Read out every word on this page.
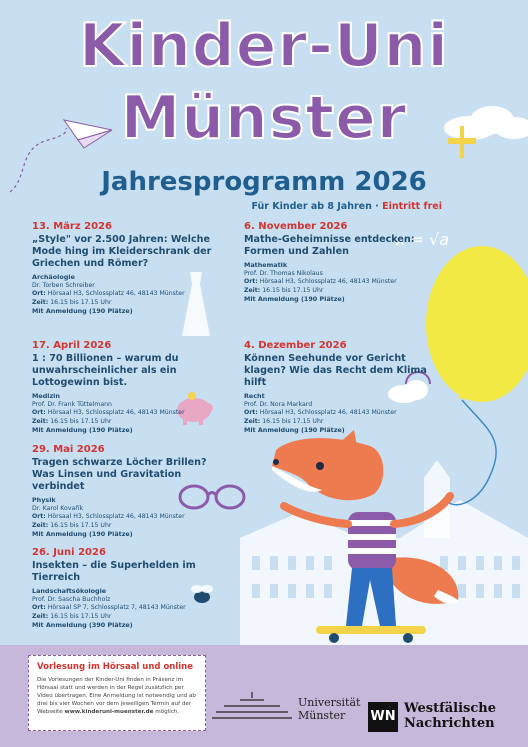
x = √a
Kinder-Uni
Münster
Jahresprogramm 2026
Für Kinder ab 8 Jahren · Eintritt frei
13. März 2026
„Style" vor 2.500 Jahren: Welche Mode hing im Kleiderschrank der Griechen und Römer?
Archäologie
Dr. Torben Schreiber
Ort: Hörsaal H3, Schlossplatz 46, 48143 Münster
Zeit: 16.15 bis 17.15 Uhr
Mit Anmeldung (190 Plätze)
6. November 2026
Mathe-Geheimnisse entdecken: Formen und Zahlen
Mathematik
Prof. Dr. Thomas Nikolaus
Ort: Hörsaal H3, Schlossplatz 46, 48143 Münster
Zeit: 16.15 bis 17.15 Uhr
Mit Anmeldung (190 Plätze)
17. April 2026
1 : 70 Billionen – warum du unwahrscheinlicher als ein Lottogewinn bist.
Medizin
Prof. Dr. Frank Tüttelmann
Ort: Hörsaal H3, Schlossplatz 46, 48143 Münster
Zeit: 16.15 bis 17.15 Uhr
Mit Anmeldung (190 Plätze)
4. Dezember 2026
Können Seehunde vor Gericht klagen? Wie das Recht dem Klima hilft
Recht
Prof. Dr. Nora Markard
Ort: Hörsaal H3, Schlossplatz 46, 48143 Münster
Zeit: 16.15 bis 17.15 Uhr
Mit Anmeldung (190 Plätze)
29. Mai 2026
Tragen schwarze Löcher Brillen? Was Linsen und Gravitation verbindet
Physik
Dr. Karol Kovařík
Ort: Hörsaal H3, Schlossplatz 46, 48143 Münster
Zeit: 16.15 bis 17.15 Uhr
Mit Anmeldung (190 Plätze)
26. Juni 2026
Insekten – die Superhelden im Tierreich
Landschaftsökologie
Prof. Dr. Sascha Buchholz
Ort: Hörsaal SP 7, Schlossplatz 7, 48143 Münster
Zeit: 16.15 bis 17.15 Uhr
Mit Anmeldung (390 Plätze)
Vorlesung im Hörsaal und online
Die Vorlesungen der Kinder-Uni finden in Präsenz im Hörsaal statt und werden in der Regel zusätzlich per Video übertragen. Eine Anmeldung ist notwendig und ab drei bis vier Wochen vor dem jeweiligen Termin auf der Webseite www.kinderuni-muenster.de möglich.
Universität
Münster	WN
Westfälische
Nachrichten
